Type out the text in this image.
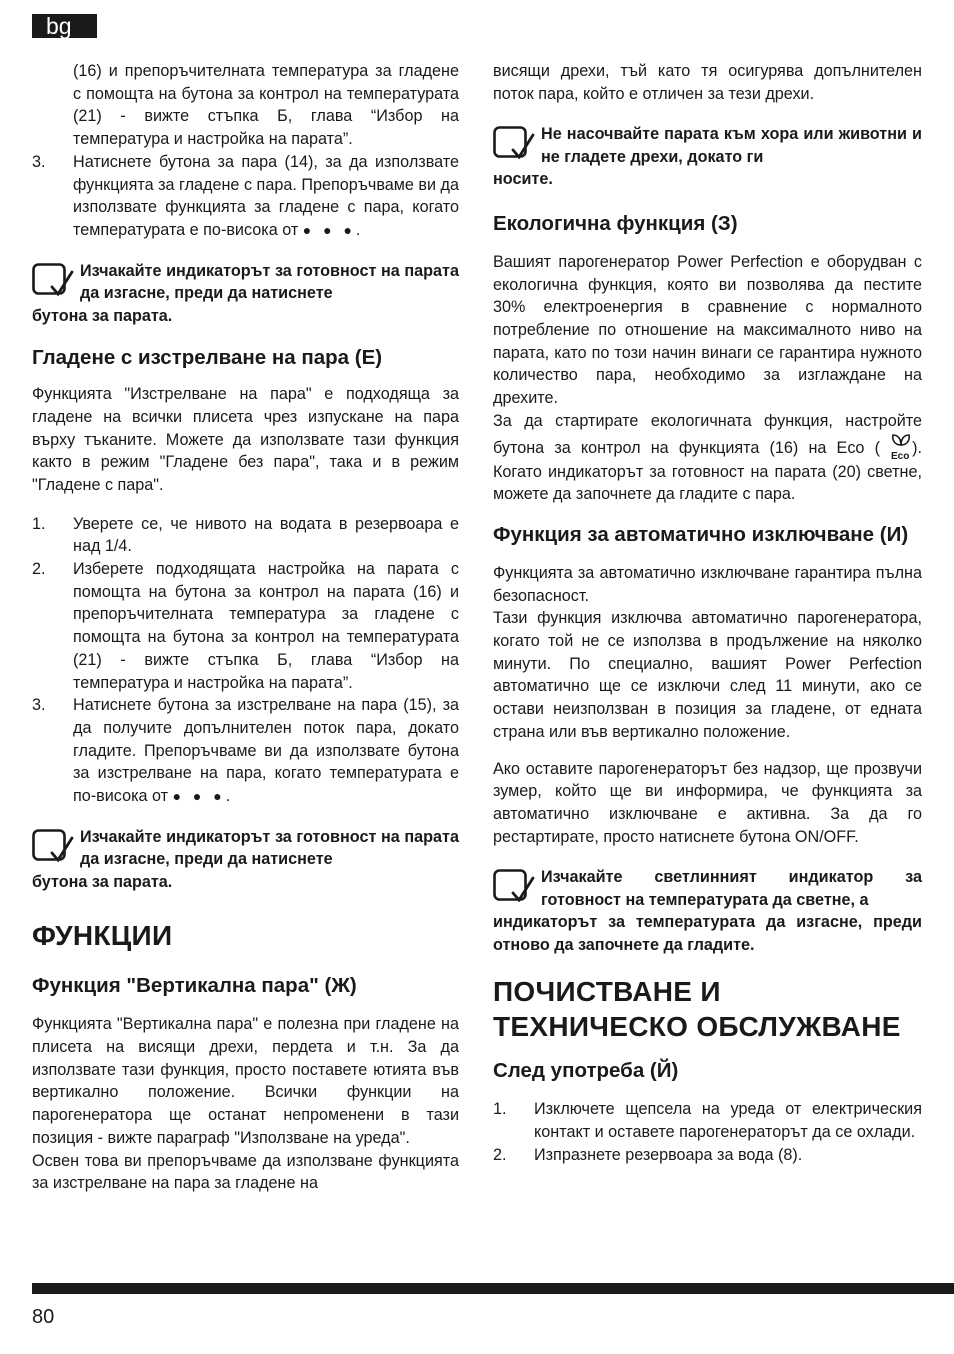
bg
(16) и препоръчителната температура за гладене с помощта на бутона за контрол на температурата (21) - вижте стъпка Б, глава “Избор на температура и настройка на парата”.
3. Натиснете бутона за пара (14), за да използвате функцията за гладене с пара. Препоръчваме ви да използвате функцията за гладене с пара, когато температурата е по-висока от ● ● ●.
Изчакайте индикаторът за готовност на парата да изгасне, преди да натиснете
бутона за парата.
Гладене с изстрелване на пара (E)

Функцията "Изстрелване на пара" е подходяща за гладене на всички плисета чрез изпускане на пара върху тъканите. Можете да използвате тази функция както в режим "Гладене без пара", така и в режим "Гладене с пара".

1. Уверете се, че нивото на водата в резервоара е над 1/4.
2. Изберете подходящата настройка на парата с помощта на бутона за контрол на парата (16) и препоръчителната температура за гладене с помощта на бутона за контрол на температурата (21) - вижте стъпка Б, глава “Избор на температура и настройка на парата”.
3. Натиснете бутона за изстрелване на пара (15), за да получите допълнителен поток пара, докато гладите. Препоръчваме ви да използвате бутона за изстрелване на пара, когато температурата е по-висока от ● ● ●.
Изчакайте индикаторът за готовност на парата да изгасне, преди да натиснете
бутона за парата.
ФУНКЦИИ
Функция "Вертикална пара" (Ж)

Функцията "Вертикална пара" е полезна при гладене на плисета на висящи дрехи, пердета и т.н. За да използвате тази функция, просто поставете ютията във вертикално положение. Всички функции на парогенератора ще останат непроменени в тази позиция - вижте параграф "Използване на уреда".

Освен това ви препоръчваме да използване функцията за изстрелване на пара за гладене на

висящи дрехи, тъй като тя осигурява допълнителен поток пара, който е отличен за тези дрехи.

Не насочвайте парата към хора или животни и не гладете дрехи, докато ги
носите.
Екологична функция (З)

Вашият парогенератор Power Perfection е оборудван с екологична функция, която ви позволява да пестите 30% електроенергия в сравнение с нормалното потребление по отношение на максималното ниво на парата, като по този начин винаги се гарантира нужното количество пара, необходимо за изглаждане на дрехите.

За да стартирате екологичната функция, настройте бутона за контрол на функцията (16) на Eco ( Eco ). Когато индикаторът за готовност на парата (20) светне, можете да започнете да гладите с пара.

Функция за автоматично изключване (И)

Функцията за автоматично изключване гарантира пълна безопасност.

Тази функция изключва автоматично парогенератора, когато той не се използва в продължение на няколко минути. По специално, вашият Power Perfection автоматично ще се изключи след 11 минути, ако се остави неизползван в позиция за гладене, от едната страна или във вертикално положение.

Ако оставите парогенераторът без надзор, ще прозвучи зумер, който ще ви информира, че функцията за автоматично изключване е активна. За да го рестартирате, просто натиснете бутона ON/OFF.

Изчакайте светлинният индикатор за готовност на температурата да светне, а
индикаторът за температурата да изгасне, преди отново да започнете да гладите.
ПОЧИСТВАНЕ И ТЕХНИЧЕСКО ОБСЛУЖВАНЕ
След употреба (Й)
1. Изключете щепсела на уреда от електрическия контакт и оставете парогенераторът да се охлади.
2. Изпразнете резервоара за вода (8).
80
